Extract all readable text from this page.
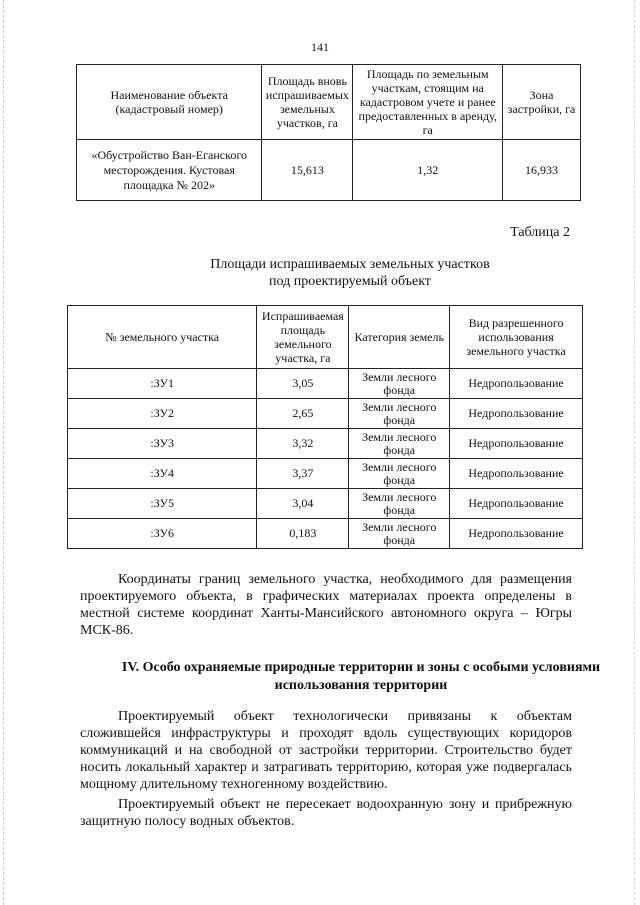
141
Наименование объекта (кадастровый номер)	Площадь вновь испрашиваемых земельных участков, га	Площадь по земельным участкам, стоящим на кадастровом учете и ранее предоставленных в аренду, га	Зона застройки, га
«Обустройство Ван-Еганского месторождения. Кустовая площадка № 202»	15,613	1,32	16,933
Таблица 2
Площади испрашиваемых земельных участков
под проектируемый объект
№ земельного участка	Испрашиваемая площадь земельного участка, га	Категория земель	Вид разрешенного использования земельного участка
:ЗУ1	3,05	Земли лесного фонда	Недропользование
:ЗУ2	2,65	Земли лесного фонда	Недропользование
:ЗУ3	3,32	Земли лесного фонда	Недропользование
:ЗУ4	3,37	Земли лесного фонда	Недропользование
:ЗУ5	3,04	Земли лесного фонда	Недропользование
:ЗУ6	0,183	Земли лесного фонда	Недропользование

Координаты границ земельного участка, необходимого для размещения проектируемого объекта, в графических материалах проекта определены в местной системе координат Ханты-Мансийского автономного округа – Югры МСК-86.

IV. Особо охраняемые природные территории и зоны с особыми условиями использования территории

Проектируемый объект технологически привязаны к объектам сложившейся инфраструктуры и проходят вдоль существующих коридоров коммуникаций и на свободной от застройки территории. Строительство будет носить локальный характер и затрагивать территорию, которая уже подвергалась мощному длительному техногенному воздействию.

Проектируемый объект не пересекает водоохранную зону и прибрежную защитную полосу водных объектов.
